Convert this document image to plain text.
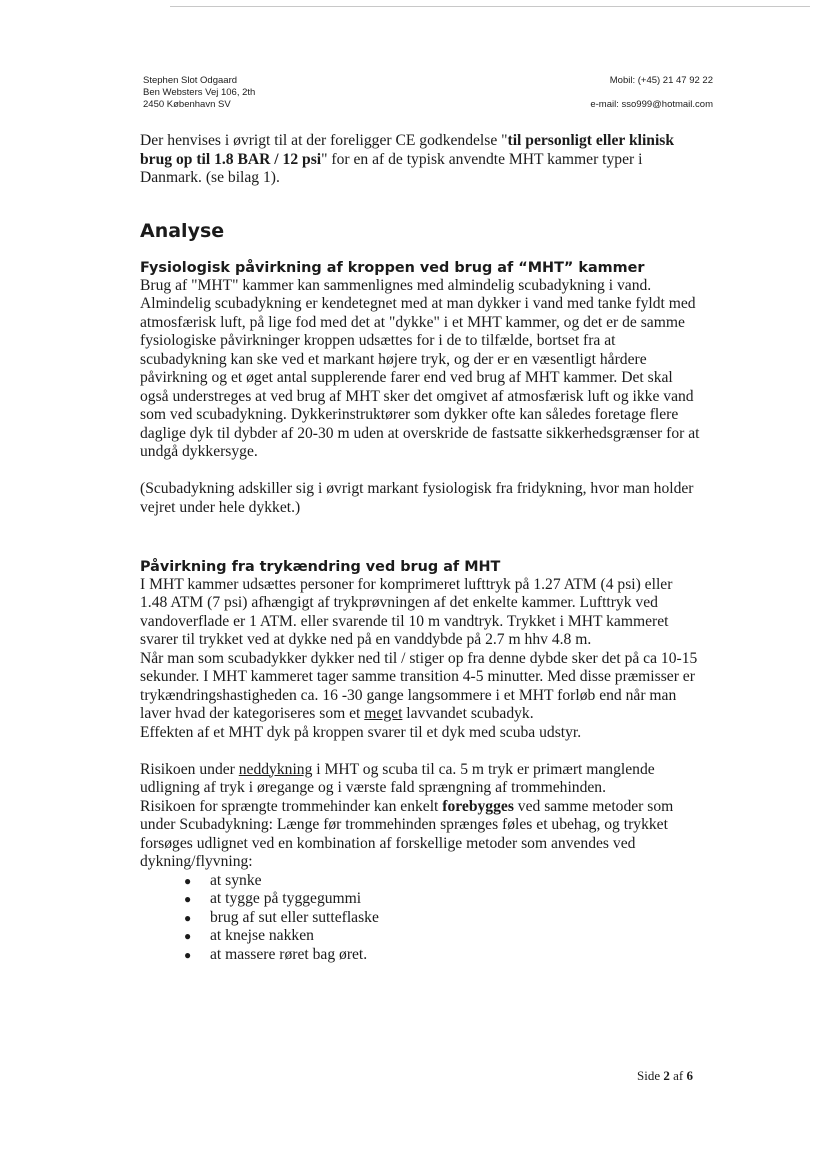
Stephen Slot Odgaard
Ben Websters Vej 106, 2th
2450 København SV
Mobil: (+45) 21 47 92 22
e-mail: sso999@hotmail.com

Der henvises i øvrigt til at der foreligger CE godkendelse "til personligt eller klinisk brug op til 1.8 BAR / 12 psi" for en af de typisk anvendte MHT kammer typer i Danmark. (se bilag 1).

Analyse
Fysiologisk påvirkning af kroppen ved brug af “MHT” kammer

Brug af "MHT" kammer kan sammenlignes med almindelig scubadykning i vand. Almindelig scubadykning er kendetegnet med at man dykker i vand med tanke fyldt med atmosfærisk luft, på lige fod med det at "dykke" i et MHT kammer, og det er de samme fysiologiske påvirkninger kroppen udsættes for i de to tilfælde, bortset fra at scubadykning kan ske ved et markant højere tryk, og der er en væsentligt hårdere påvirkning og et øget antal supplerende farer end ved brug af MHT kammer. Det skal også understreges at ved brug af MHT sker det omgivet af atmosfærisk luft og ikke vand som ved scubadykning. Dykkerinstruktører som dykker ofte kan således foretage flere daglige dyk til dybder af 20-30 m uden at overskride de fastsatte sikkerhedsgrænser for at undgå dykkersyge.

(Scubadykning adskiller sig i øvrigt markant fysiologisk fra fridykning, hvor man holder vejret under hele dykket.)

Påvirkning fra trykændring ved brug af MHT

I MHT kammer udsættes personer for komprimeret lufttryk på 1.27 ATM (4 psi) eller 1.48 ATM (7 psi) afhængigt af trykprøvningen af det enkelte kammer. Lufttryk ved vandoverflade er 1 ATM. eller svarende til 10 m vandtryk. Trykket i MHT kammeret svarer til trykket ved at dykke ned på en vanddybde på 2.7 m hhv 4.8 m.

Når man som scubadykker dykker ned til / stiger op fra denne dybde sker det på ca 10-15 sekunder. I MHT kammeret tager samme transition 4-5 minutter. Med disse præmisser er trykændringshastigheden ca. 16 -30 gange langsommere i et MHT forløb end når man laver hvad der kategoriseres som et meget lavvandet scubadyk.

Effekten af et MHT dyk på kroppen svarer til et dyk med scuba udstyr.

Risikoen under neddykning i MHT og scuba til ca. 5 m tryk er primært manglende udligning af tryk i øregange og i værste fald sprængning af trommehinden.

Risikoen for sprængte trommehinder kan enkelt forebygges ved samme metoder som under Scubadykning: Længe før trommehinden sprænges føles et ubehag, og trykket forsøges udlignet ved en kombination af forskellige metoder som anvendes ved dykning/flyvning:

● at synke
● at tygge på tyggegummi
● brug af sut eller sutteflaske
● at knejse nakken
● at massere røret bag øret.
Side 2 af 6
